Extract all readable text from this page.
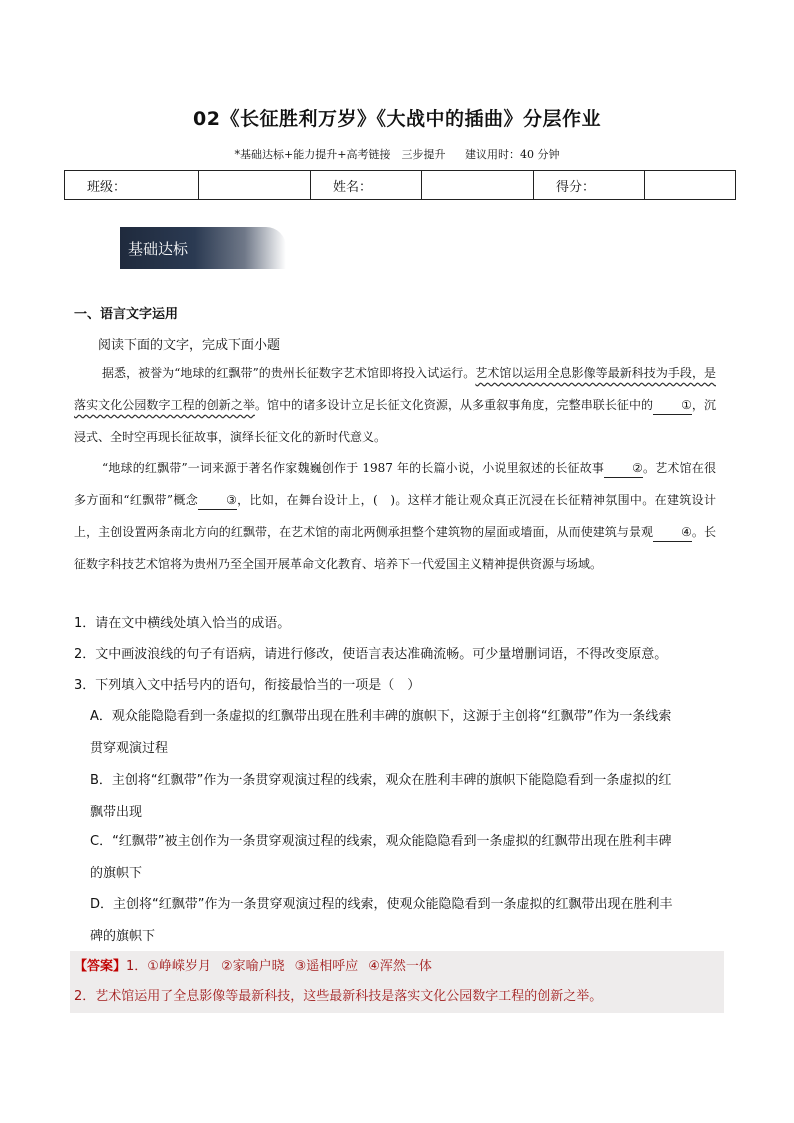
02《长征胜利万岁》《大战中的插曲》分层作业
*基础达标+能力提升+高考链接　三步提升 建议用时：40 分钟
班级：		姓名：		得分：	
基础达标
一、语言文字运用
阅读下面的文字，完成下面小题
据悉，被誉为“地球的红飘带”的贵州长征数字艺术馆即将投入试运行。艺术馆以运用全息影像等最新科技为手段，是落实文化公园数字工程的创新之举。馆中的诸多设计立足长征文化资源，从多重叙事角度，完整串联长征中的 ①，沉浸式、全时空再现长征故事，演绎长征文化的新时代意义。
“地球的红飘带”一词来源于著名作家魏巍创作于 1987 年的长篇小说，小说里叙述的长征故事 ②。艺术馆在很多方面和“红飘带”概念 ③，比如，在舞台设计上，(　)。这样才能让观众真正沉浸在长征精神氛围中。在建筑设计上，主创设置两条南北方向的红飘带，在艺术馆的南北两侧承担整个建筑物的屋面或墙面，从而使建筑与景观 ④。长征数字科技艺术馆将为贵州乃至全国开展革命文化教育、培养下一代爱国主义精神提供资源与场域。
1．请在文中横线处填入恰当的成语。
2．文中画波浪线的句子有语病，请进行修改，使语言表达准确流畅。可少量增删词语，不得改变原意。
3．下列填入文中括号内的语句，衔接最恰当的一项是（　）
A．观众能隐隐看到一条虚拟的红飘带出现在胜利丰碑的旗帜下，这源于主创将“红飘带”作为一条线索
贯穿观演过程
B．主创将“红飘带”作为一条贯穿观演过程的线索，观众在胜利丰碑的旗帜下能隐隐看到一条虚拟的红
飘带出现
C．“红飘带”被主创作为一条贯穿观演过程的线索，观众能隐隐看到一条虚拟的红飘带出现在胜利丰碑
的旗帜下
D．主创将“红飘带”作为一条贯穿观演过程的线索，使观众能隐隐看到一条虚拟的红飘带出现在胜利丰
碑的旗帜下
【答案】1．①峥嵘岁月 ②家喻户晓 ③遥相呼应 ④浑然一体
2．艺术馆运用了全息影像等最新科技，这些最新科技是落实文化公园数字工程的创新之举。
